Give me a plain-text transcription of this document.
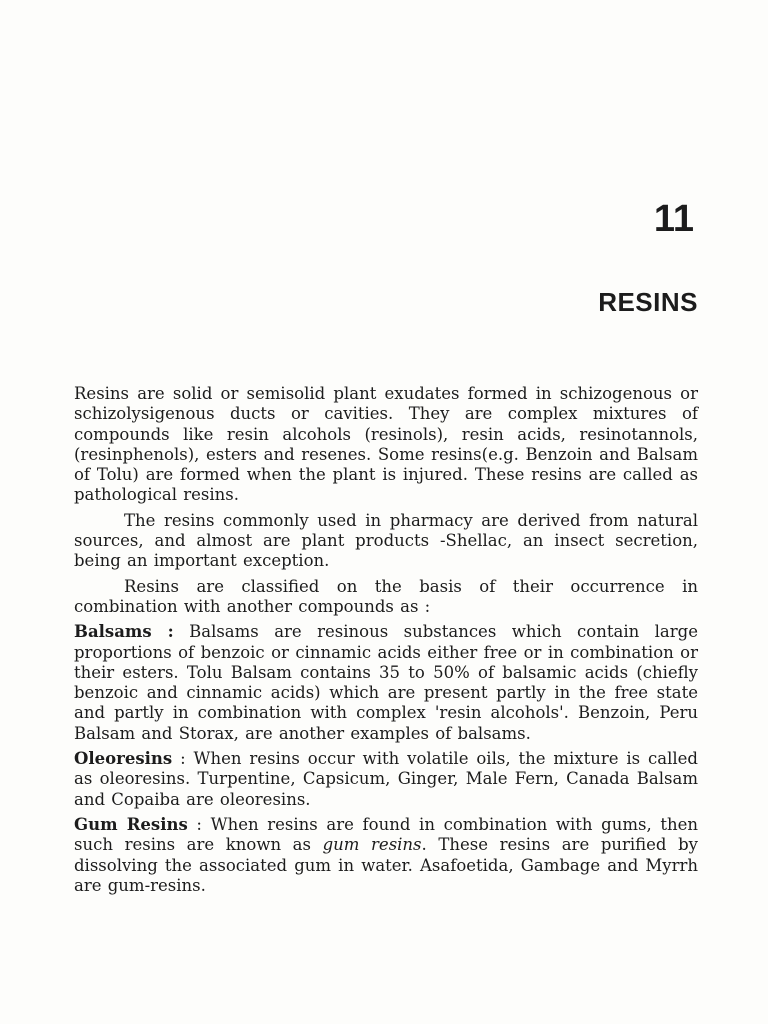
11
RESINS

Resins are solid or semisolid plant exudates formed in schizogenous or schizolysigenous ducts or cavities. They are complex mixtures of compounds like resin alcohols (resinols), resin acids, resinotannols, (resinphenols), esters and resenes. Some resins(e.g. Benzoin and Balsam of Tolu) are formed when the plant is injured. These resins are called as pathological resins.

The resins commonly used in pharmacy are derived from natural sources, and almost are plant products -Shellac, an insect secretion, being an important exception.

Resins are classified on the basis of their occurrence in combination with another compounds as :

Balsams : Balsams are resinous substances which contain large proportions of benzoic or cinnamic acids either free or in combination or their esters. Tolu Balsam contains 35 to 50% of balsamic acids (chiefly benzoic and cinnamic acids) which are present partly in the free state and partly in combination with complex 'resin alcohols'. Benzoin, Peru Balsam and Storax, are another examples of balsams.

Oleoresins : When resins occur with volatile oils, the mixture is called as oleoresins. Turpentine, Capsicum, Ginger, Male Fern, Canada Balsam and Copaiba are oleoresins.

Gum Resins : When resins are found in combination with gums, then such resins are known as gum resins. These resins are purified by dissolving the associated gum in water. Asafoetida, Gambage and Myrrh are gum-resins.
